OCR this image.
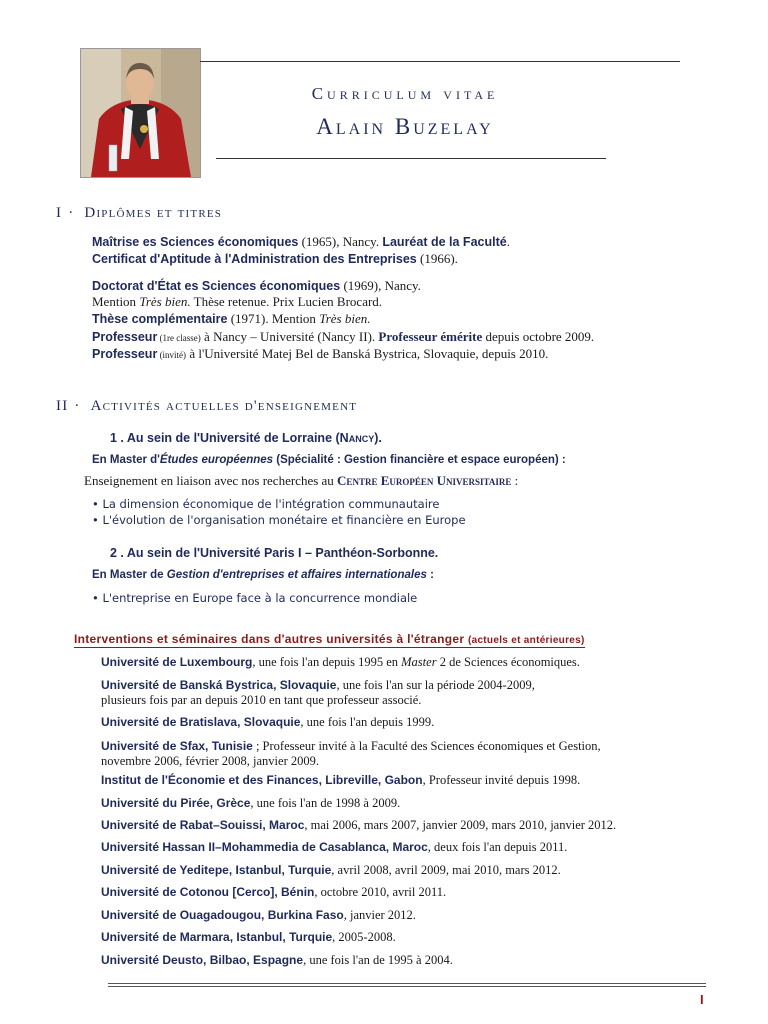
Curriculum vitae
Alain Buzelay
I · Diplômes et titres
Maîtrise es Sciences économiques (1965), Nancy. Lauréat de la Faculté.
Certificat d'Aptitude à l'Administration des Entreprises (1966).
Doctorat d'État es Sciences économiques (1969), Nancy.
Mention Très bien. Thèse retenue. Prix Lucien Brocard.
Thèse complémentaire (1971). Mention Très bien.
Professeur (1re classe) à Nancy – Université (Nancy II). Professeur émérite depuis octobre 2009.
Professeur (invité) à l'Université Matej Bel de Banská Bystrica, Slovaquie, depuis 2010.
II · Activités actuelles d'enseignement
1 . Au sein de l'Université de Lorraine (Nancy).
En Master d'Études européennes (Spécialité : Gestion financière et espace européen) :
Enseignement en liaison avec nos recherches au Centre Européen Universitaire :
• La dimension économique de l'intégration communautaire
• L'évolution de l'organisation monétaire et financière en Europe
2 . Au sein de l'Université Paris I – Panthéon-Sorbonne.
En Master de Gestion d'entreprises et affaires internationales :
• L'entreprise en Europe face à la concurrence mondiale
Interventions et séminaires dans d'autres universités à l'étranger (actuels et antérieures)
Université de Luxembourg, une fois l'an depuis 1995 en Master 2 de Sciences économiques.
Université de Banská Bystrica, Slovaquie, une fois l'an sur la période 2004-2009,
plusieurs fois par an depuis 2010 en tant que professeur associé.
Université de Bratislava, Slovaquie, une fois l'an depuis 1999.
Université de Sfax, Tunisie ; Professeur invité à la Faculté des Sciences économiques et Gestion,
novembre 2006, février 2008, janvier 2009.
Institut de l'Économie et des Finances, Libreville, Gabon, Professeur invité depuis 1998.
Université du Pirée, Grèce, une fois l'an de 1998 à 2009.
Université de Rabat–Souissi, Maroc, mai 2006, mars 2007, janvier 2009, mars 2010, janvier 2012.
Université Hassan II–Mohammedia de Casablanca, Maroc, deux fois l'an depuis 2011.
Université de Yeditepe, Istanbul, Turquie, avril 2008, avril 2009, mai 2010, mars 2012.
Université de Cotonou [Cerco], Bénin, octobre 2010, avril 2011.
Université de Ouagadougou, Burkina Faso, janvier 2012.
Université de Marmara, Istanbul, Turquie, 2005-2008.
Université Deusto, Bilbao, Espagne, une fois l'an de 1995 à 2004.
I
